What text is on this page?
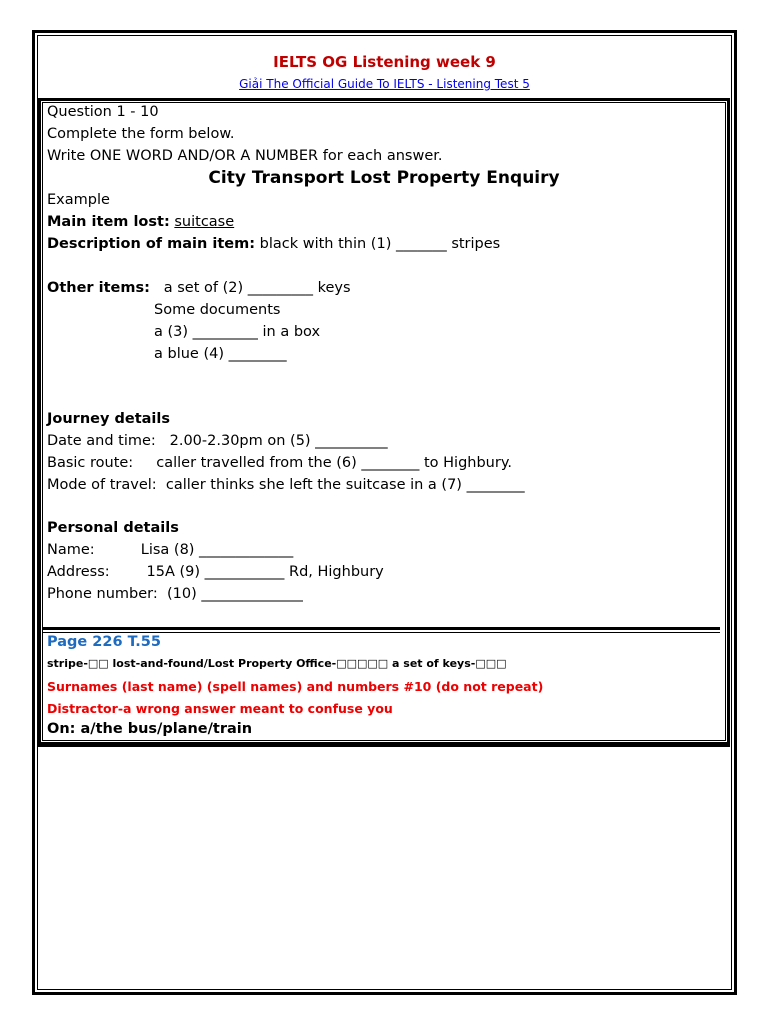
IELTS OG Listening week 9
Giải The Official Guide To IELTS - Listening Test 5
Question 1 - 10
Complete the form below.
Write ONE WORD AND/OR A NUMBER for each answer.
City Transport Lost Property Enquiry
Example
Main item lost: suitcase
Description of main item: black with thin (1) _______ stripes
Other items:   a set of (2) _________ keys
Some documents
a (3) _________ in a box
a blue (4) ________
Journey details
Date and time:   2.00-2.30pm on (5) __________
Basic route:     caller travelled from the (6) ________ to Highbury.
Mode of travel:  caller thinks she left the suitcase in a (7) ________
Personal details
Name:          Lisa (8) _____________
Address:        15A (9) ___________ Rd, Highbury
Phone number:  (10) ______________
Page 226 T.55
stripe-□□ lost-and-found/Lost Property Office-□□□□□ a set of keys-□□□
Surnames (last name) (spell names) and numbers #10 (do not repeat)
Distractor-a wrong answer meant to confuse you
On: a/the bus/plane/train
